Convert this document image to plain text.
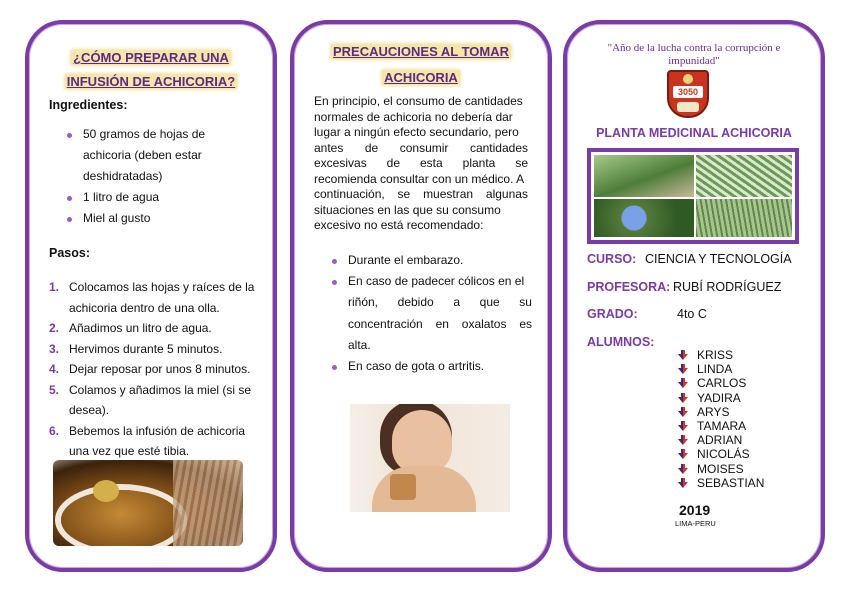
¿CÓMO PREPARAR UNA
INFUSIÓN DE ACHICORIA?
Ingredientes:
50 gramos de hojas de
achicoria (deben estar
deshidratadas)
1 litro de agua
Miel al gusto
Pasos:
1. Colocamos las hojas y raíces de la
achicoria dentro de una olla.
2. Añadimos un litro de agua.
3. Hervimos durante 5 minutos.
4. Dejar reposar por unos 8 minutos.
5. Colamos y añadimos la miel (si se
desea).
6. Bebemos la infusión de achicoria
una vez que esté tibia.
PRECAUCIONES AL TOMAR
ACHICORIA
En principio, el consumo de cantidades
normales de achicoria no debería dar
lugar a ningún efecto secundario, pero
antes de consumir cantidades
excesivas de esta planta se
recomienda consultar con un médico. A
continuación, se muestran algunas
situaciones en las que su consumo
excesivo no está recomendado:
Durante el embarazo.
En caso de padecer cólicos en el
riñón, debido a que su
concentración en oxalatos es
alta.
En caso de gota o artritis.
"Año de la lucha contra la corrupción e
impunidad"
3050
PLANTA MEDICINAL ACHICORIA
CURSO: CIENCIA Y TECNOLOGÍA
PROFESORA: RUBÍ RODRÍGUEZ
GRADO:	4to C
ALUMNOS:
KRISS
LINDA
CARLOS
YADIRA
ARYS
TAMARA
ADRIAN
NICOLÁS
MOISES
SEBASTIAN
2019
LIMA-PERU
